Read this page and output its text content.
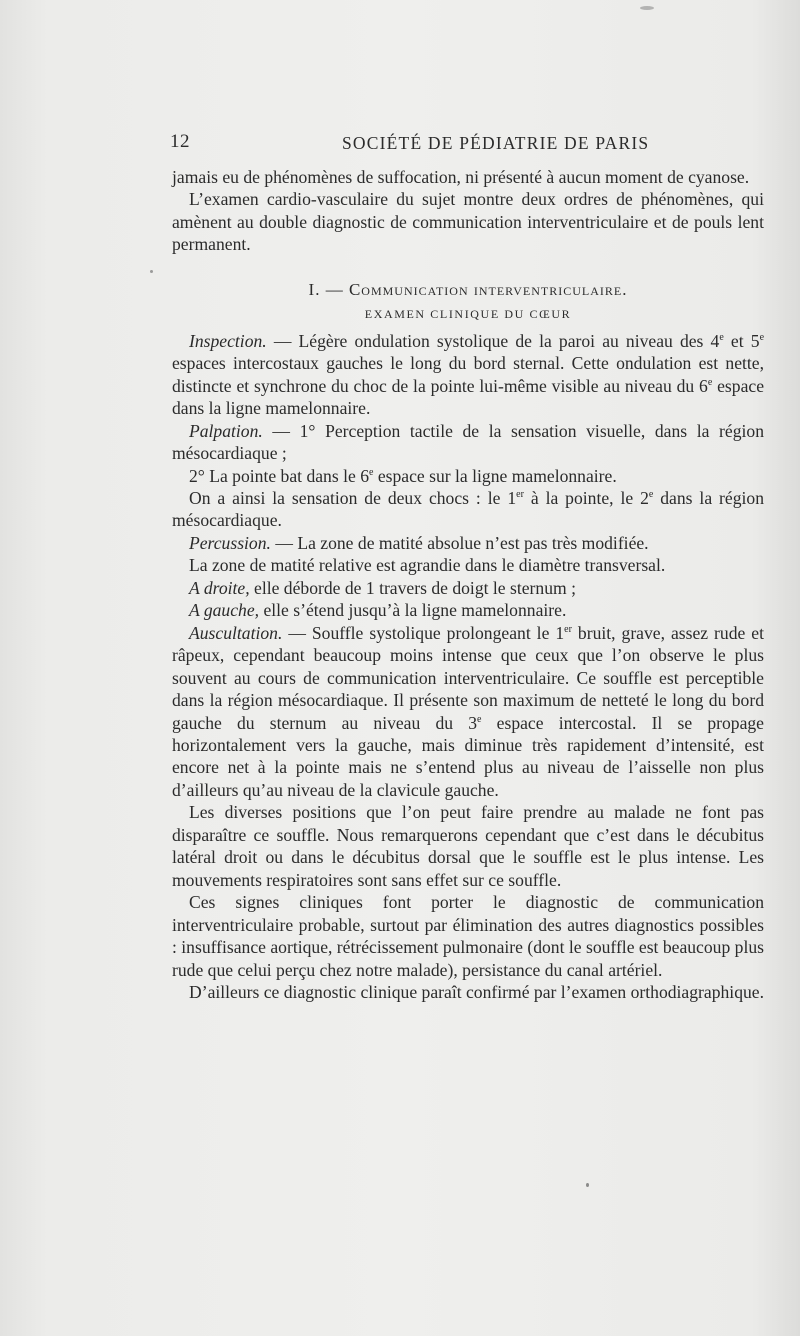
12	SOCIÉTÉ DE PÉDIATRIE DE PARIS

jamais eu de phénomènes de suffocation, ni présenté à aucun moment de cyanose.

L’examen cardio-vasculaire du sujet montre deux ordres de phénomènes, qui amènent au double diagnostic de communication interventriculaire et de pouls lent permanent.

I. — Communication interventriculaire.
EXAMEN CLINIQUE DU CŒUR

Inspection. — Légère ondulation systolique de la paroi au niveau des 4e et 5e espaces intercostaux gauches le long du bord sternal. Cette ondulation est nette, distincte et synchrone du choc de la pointe lui-même visible au niveau du 6e espace dans la ligne mamelonnaire.

Palpation. — 1° Perception tactile de la sensation visuelle, dans la région mésocardiaque ;

2° La pointe bat dans le 6e espace sur la ligne mamelonnaire.

On a ainsi la sensation de deux chocs : le 1er à la pointe, le 2e dans la région mésocardiaque.

Percussion. — La zone de matité absolue n’est pas très modifiée.

La zone de matité relative est agrandie dans le diamètre transversal.

A droite, elle déborde de 1 travers de doigt le sternum ;

A gauche, elle s’étend jusqu’à la ligne mamelonnaire.

Auscultation. — Souffle systolique prolongeant le 1er bruit, grave, assez rude et râpeux, cependant beaucoup moins intense que ceux que l’on observe le plus souvent au cours de communication interventriculaire. Ce souffle est perceptible dans la région mésocardiaque. Il présente son maximum de netteté le long du bord gauche du sternum au niveau du 3e espace intercostal. Il se propage horizontalement vers la gauche, mais diminue très rapidement d’intensité, est encore net à la pointe mais ne s’entend plus au niveau de l’aisselle non plus d’ailleurs qu’au niveau de la clavicule gauche.

Les diverses positions que l’on peut faire prendre au malade ne font pas disparaître ce souffle. Nous remarquerons cependant que c’est dans le décubitus latéral droit ou dans le décubitus dorsal que le souffle est le plus intense. Les mouvements respiratoires sont sans effet sur ce souffle.

Ces signes cliniques font porter le diagnostic de communication interventriculaire probable, surtout par élimination des autres diagnostics possibles : insuffisance aortique, rétrécissement pulmonaire (dont le souffle est beaucoup plus rude que celui perçu chez notre malade), persistance du canal artériel.

D’ailleurs ce diagnostic clinique paraît confirmé par l’examen orthodiagraphique.
